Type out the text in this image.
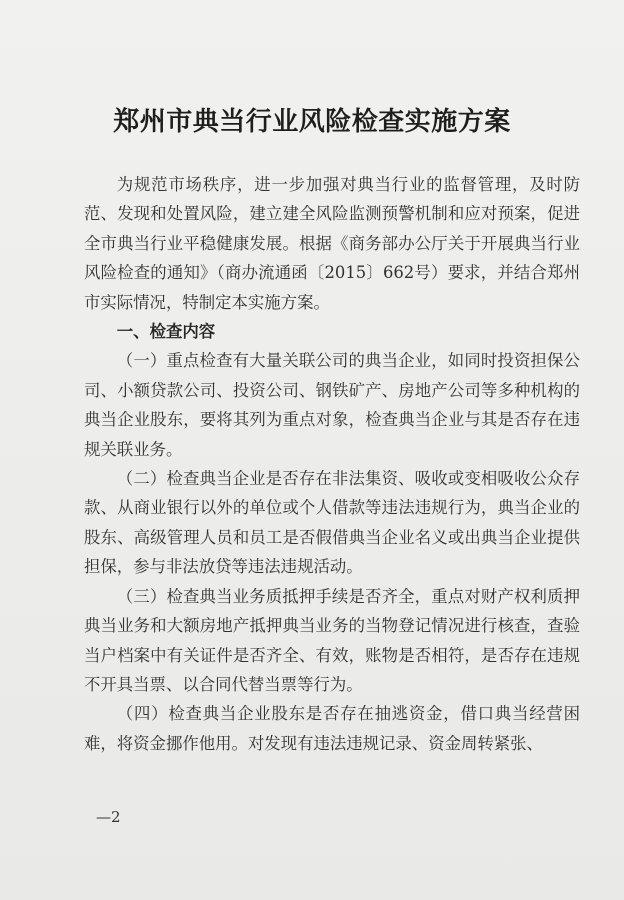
郑州市典当行业风险检查实施方案

为规范市场秩序，进一步加强对典当行业的监督管理，及时防范、发现和处置风险，建立建全风险监测预警机制和应对预案，促进全市典当行业平稳健康发展。根据《商务部办公厅关于开展典当行业风险检查的通知》（商办流通函〔2015〕662号）要求，并结合郑州市实际情况，特制定本实施方案。

一、检查内容

（一）重点检查有大量关联公司的典当企业，如同时投资担保公司、小额贷款公司、投资公司、钢铁矿产、房地产公司等多种机构的典当企业股东，要将其列为重点对象，检查典当企业与其是否存在违规关联业务。

（二）检查典当企业是否存在非法集资、吸收或变相吸收公众存款、从商业银行以外的单位或个人借款等违法违规行为，典当企业的股东、高级管理人员和员工是否假借典当企业名义或出典当企业提供担保，参与非法放贷等违法违规活动。

（三）检查典当业务质抵押手续是否齐全，重点对财产权利质押典当业务和大额房地产抵押典当业务的当物登记情况进行核查，查验当户档案中有关证件是否齐全、有效，账物是否相符，是否存在违规不开具当票、以合同代替当票等行为。

（四）检查典当企业股东是否存在抽逃资金，借口典当经营困难，将资金挪作他用。对发现有违法违规记录、资金周转紧张、

—2
